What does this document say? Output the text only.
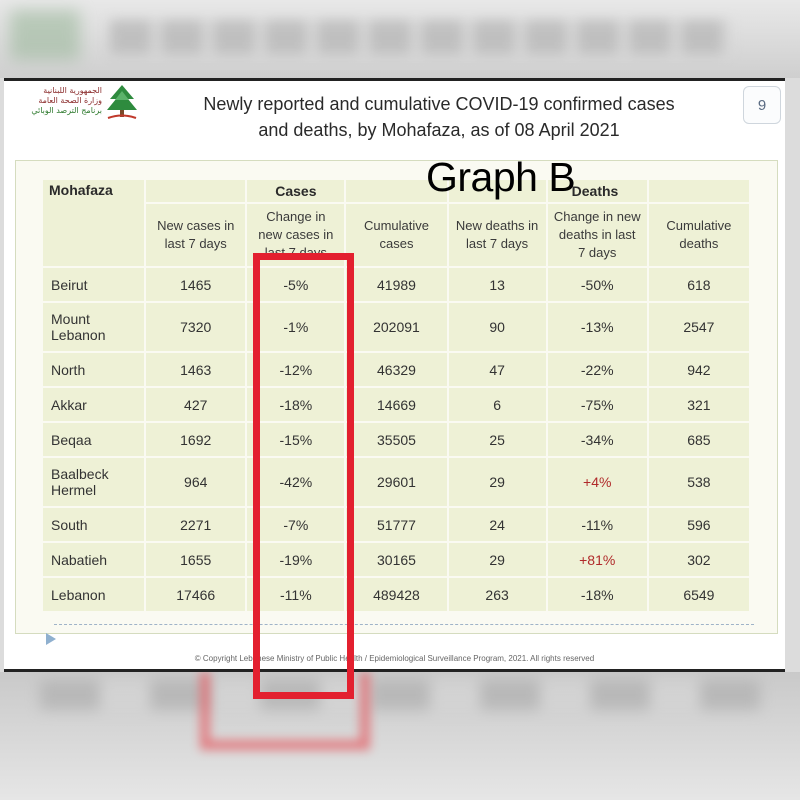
الجمهورية اللبنانية
وزارة الصحة العامة
برنامج الترصد الوبائي	9
Newly reported and cumulative COVID-19 confirmed cases
and deaths, by Mohafaza, as of 08 April 2021
Graph B
Mohafaza		Cases			Deaths	
	New cases in last 7 days	Change in new cases in last 7 days	Cumulative cases	New deaths in last 7 days	Change in new deaths in last 7 days	Cumulative deaths
Beirut	1465	-5%	41989	13	-50%	618
Mount Lebanon	7320	-1%	202091	90	-13%	2547
North	1463	-12%	46329	47	-22%	942
Akkar	427	-18%	14669	6	-75%	321
Beqaa	1692	-15%	35505	25	-34%	685
Baalbeck Hermel	964	-42%	29601	29	+4%	538
South	2271	-7%	51777	24	-11%	596
Nabatieh	1655	-19%	30165	29	+81%	302
Lebanon	17466	-11%	489428	263	-18%	6549
© Copyright Lebanese Ministry of Public Health / Epidemiological Surveillance Program, 2021. All rights reserved
